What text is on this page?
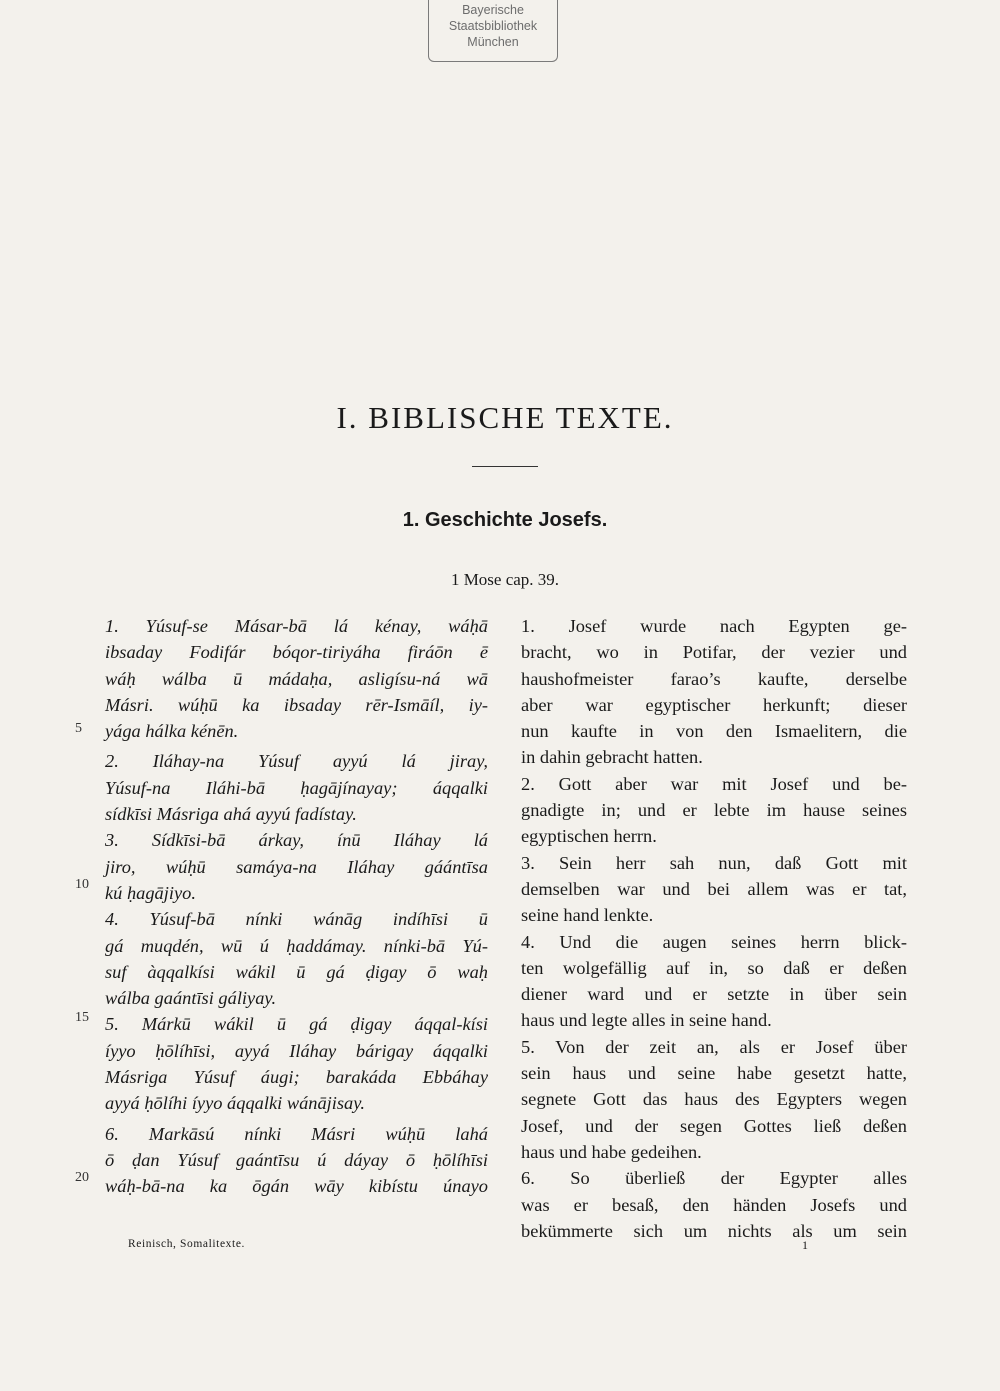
Bayerische
Staatsbibliothek
München
I. BIBLISCHE TEXTE.
1. Geschichte Josefs.
1 Mose cap. 39.
1. Yúsuf-se Másar-bā lá kénay, wáḥā
ibsaday Fodifár bóqor-tiriyáha firáōn ē
wáḥ wálba ū mádaḥa, asligísu-ná wā
Másri. wúḥū ka ibsaday rēr-Ismāíl, iy-
yága hálka kénēn.
2. Iláhay-na Yúsuf ayyú lá jiray,
Yúsuf-na Iláhi-bā ḥagājínayay; áqqalki
sídkīsi Másriga ahá ayyú fadístay.
3. Sídkīsi-bā árkay, ínū Iláhay lá
jiro, wúḥū samáya-na Iláhay gáántīsa
kú ḥagājiyo.
4. Yúsuf-bā nínki wánāg indíhīsi ū
gá muqdén, wū ú ḥaddámay. nínki-bā Yú-
suf àqqalkísi wákil ū gá ḍigay ō waḥ
wálba gaántīsi gáliyay.
5. Márkū wákil ū gá ḍigay áqqal-kísi
íyyo ḥōlíhīsi, ayyá Iláhay bárigay áqqalki
Másriga Yúsuf áugi; barakáda Ebbáhay
ayyá ḥōlíhi íyyo áqqalki wánājisay.
6. Markāsú nínki Másri wúḥū lahá
ō ḍan Yúsuf gaántīsu ú dáyay ō ḥōlíhīsi
wáḥ-bā-na ka ōgán wāy kibístu únayo
5
10
15
20
1. Josef wurde nach Egypten ge-
bracht, wo in Potifar, der vezier und
haushofmeister farao’s kaufte, derselbe
aber war egyptischer herkunft; dieser
nun kaufte in von den Ismaelitern, die
in dahin gebracht hatten.
2. Gott aber war mit Josef und be-
gnadigte in; und er lebte im hause seines
egyptischen herrn.
3. Sein herr sah nun, daß Gott mit
demselben war und bei allem was er tat,
seine hand lenkte.
4. Und die augen seines herrn blick-
ten wolgefällig auf in, so daß er deßen
diener ward und er setzte in über sein
haus und legte alles in seine hand.
5. Von der zeit an, als er Josef über
sein haus und seine habe gesetzt hatte,
segnete Gott das haus des Egypters wegen
Josef, und der segen Gottes ließ deßen
haus und habe gedeihen.
6. So überließ der Egypter alles
was er besaß, den händen Josefs und
bekümmerte sich um nichts als um sein
Reinisch, Somalitexte.	1
